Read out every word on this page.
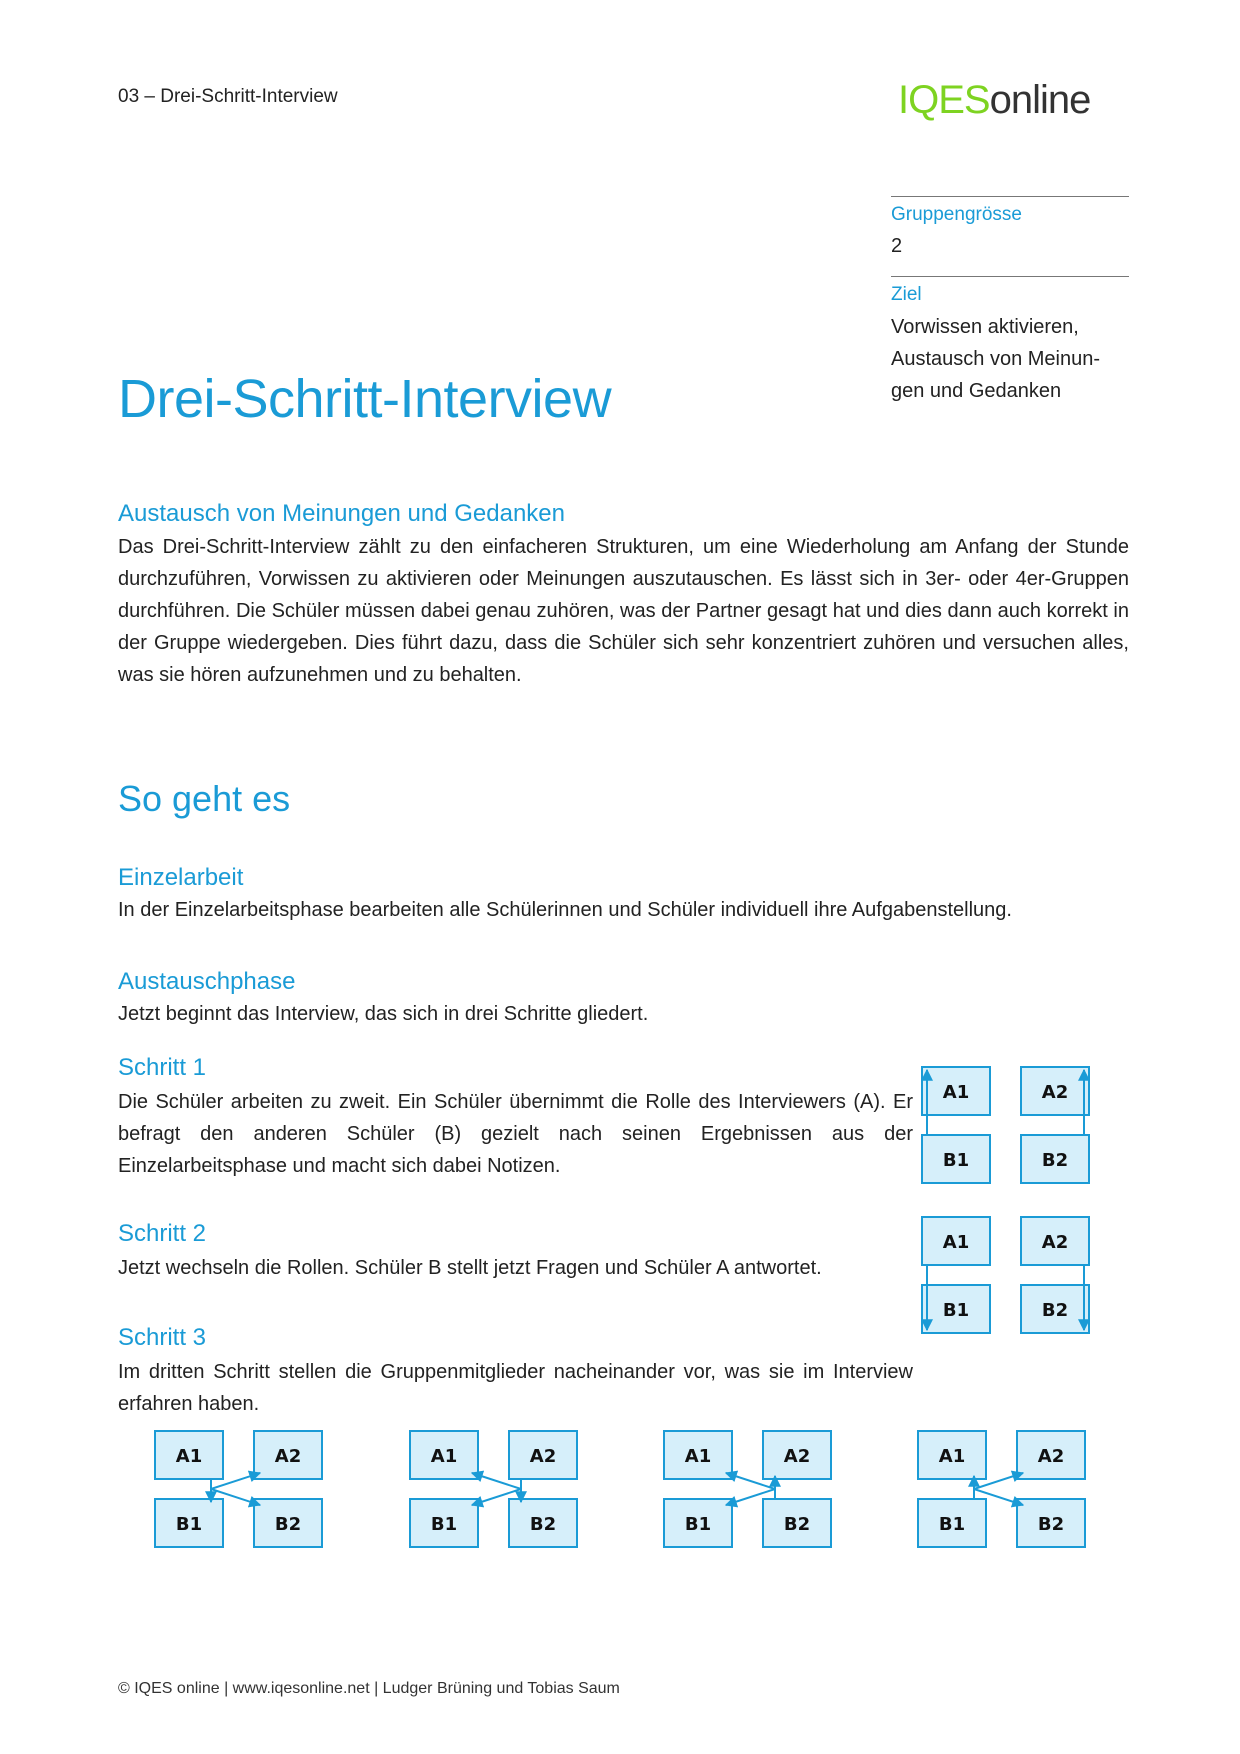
03 – Drei-Schritt-Interview	IQESonline
Gruppengrösse
2
Ziel
Vorwissen aktivieren,
Austausch von Meinun-
gen und Gedanken
Drei-Schritt-Interview
Austausch von Meinungen und Gedanken
Das Drei-Schritt-Interview zählt zu den einfacheren Strukturen, um eine Wiederholung am Anfang der Stunde durchzuführen, Vorwissen zu aktivieren oder Meinungen auszutauschen. Es lässt sich in 3er- oder 4er-Gruppen durchführen. Die Schüler müssen dabei genau zuhören, was der Partner gesagt hat und dies dann auch korrekt in der Gruppe wiedergeben. Dies führt dazu, dass die Schüler sich sehr konzentriert zuhören und versuchen alles, was sie hören aufzunehmen und zu behalten.
So geht es
Einzelarbeit
In der Einzelarbeitsphase bearbeiten alle Schülerinnen und Schüler individuell ihre Aufgabenstellung.
Austauschphase
Jetzt beginnt das Interview, das sich in drei Schritte gliedert.
Schritt 1
Die Schüler arbeiten zu zweit. Ein Schüler übernimmt die Rolle des Interviewers (A). Er befragt den anderen Schüler (B) gezielt nach seinen Ergebnissen aus der Einzelarbeitsphase und macht sich dabei Notizen.
Schritt 2
Jetzt wechseln die Rollen. Schüler B stellt jetzt Fragen und Schüler A antwortet.
Schritt 3
Im dritten Schritt stellen die Gruppenmitglieder nacheinander vor, was sie im Interview erfahren haben.
A1	A2
B1	B2
A1	A2
B1	B2
A1	A2
B1	B2
A1	A2
B1	B2
A1	A2
B1	B2
A1	A2
B1	B2
© IQES online | www.iqesonline.net | Ludger Brüning und Tobias Saum
